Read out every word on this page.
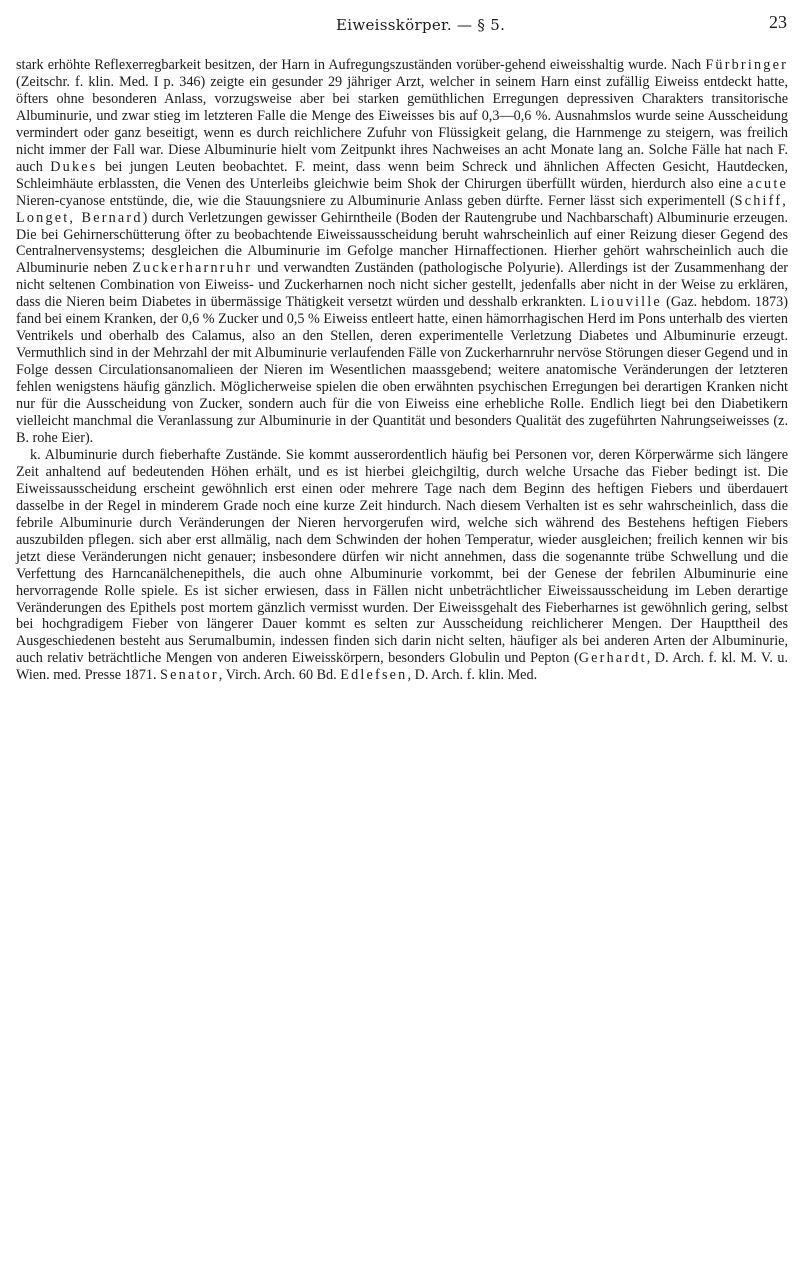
Eiweisskörper. — § 5.	23

stark erhöhte Reflexerregbarkeit besitzen, der Harn in Aufregungszuständen vorüber-gehend eiweisshaltig wurde. Nach Fürbringer (Zeitschr. f. klin. Med. I p. 346) zeigte ein gesunder 29 jähriger Arzt, welcher in seinem Harn einst zufällig Eiweiss entdeckt hatte, öfters ohne besonderen Anlass, vorzugsweise aber bei starken gemüthlichen Erregungen depressiven Charakters transitorische Albuminurie, und zwar stieg im letzteren Falle die Menge des Eiweisses bis auf 0,3—0,6 %. Ausnahmslos wurde seine Ausscheidung vermindert oder ganz beseitigt, wenn es durch reichlichere Zufuhr von Flüssigkeit gelang, die Harnmenge zu steigern, was freilich nicht immer der Fall war. Diese Albuminurie hielt vom Zeitpunkt ihres Nachweises an acht Monate lang an. Solche Fälle hat nach F. auch Dukes bei jungen Leuten beobachtet. F. meint, dass wenn beim Schreck und ähnlichen Affecten Gesicht, Hautdecken, Schleimhäute erblassten, die Venen des Unterleibs gleichwie beim Shok der Chirurgen überfüllt würden, hierdurch also eine acute Nieren-cyanose entstünde, die, wie die Stauungsniere zu Albuminurie Anlass geben dürfte. Ferner lässt sich experimentell (Schiff, Longet, Bernard) durch Verletzungen gewisser Gehirntheile (Boden der Rautengrube und Nachbarschaft) Albuminurie erzeugen. Die bei Gehirnerschütterung öfter zu beobachtende Eiweissausscheidung beruht wahrscheinlich auf einer Reizung dieser Gegend des Centralnervensystems; desgleichen die Albuminurie im Gefolge mancher Hirnaffectionen. Hierher gehört wahrscheinlich auch die Albuminurie neben Zuckerharnruhr und verwandten Zuständen (pathologische Polyurie). Allerdings ist der Zusammenhang der nicht seltenen Combination von Eiweiss- und Zuckerharnen noch nicht sicher gestellt, jedenfalls aber nicht in der Weise zu erklären, dass die Nieren beim Diabetes in übermässige Thätigkeit versetzt würden und desshalb erkrankten. Liouville (Gaz. hebdom. 1873) fand bei einem Kranken, der 0,6 % Zucker und 0,5 % Eiweiss entleert hatte, einen hämorrhagischen Herd im Pons unterhalb des vierten Ventrikels und oberhalb des Calamus, also an den Stellen, deren experimentelle Verletzung Diabetes und Albuminurie erzeugt. Vermuthlich sind in der Mehrzahl der mit Albuminurie verlaufenden Fälle von Zuckerharnruhr nervöse Störungen dieser Gegend und in Folge dessen Circulationsanomalieen der Nieren im Wesentlichen maassgebend; weitere anatomische Veränderungen der letzteren fehlen wenigstens häufig gänzlich. Möglicherweise spielen die oben erwähnten psychischen Erregungen bei derartigen Kranken nicht nur für die Ausscheidung von Zucker, sondern auch für die von Eiweiss eine erhebliche Rolle. Endlich liegt bei den Diabetikern vielleicht manchmal die Veranlassung zur Albuminurie in der Quantität und besonders Qualität des zugeführten Nahrungseiweisses (z. B. rohe Eier).

k. Albuminurie durch fieberhafte Zustände. Sie kommt ausserordentlich häufig bei Personen vor, deren Körperwärme sich längere Zeit anhaltend auf bedeutenden Höhen erhält, und es ist hierbei gleichgiltig, durch welche Ursache das Fieber bedingt ist. Die Eiweissausscheidung erscheint gewöhnlich erst einen oder mehrere Tage nach dem Beginn des heftigen Fiebers und überdauert dasselbe in der Regel in minderem Grade noch eine kurze Zeit hindurch. Nach diesem Verhalten ist es sehr wahrscheinlich, dass die febrile Albuminurie durch Veränderungen der Nieren hervorgerufen wird, welche sich während des Bestehens heftigen Fiebers auszubilden pflegen. sich aber erst allmälig, nach dem Schwinden der hohen Temperatur, wieder ausgleichen; freilich kennen wir bis jetzt diese Veränderungen nicht genauer; insbesondere dürfen wir nicht annehmen, dass die sogenannte trübe Schwellung und die Verfettung des Harncanälchenepithels, die auch ohne Albuminurie vorkommt, bei der Genese der febrilen Albuminurie eine hervorragende Rolle spiele. Es ist sicher erwiesen, dass in Fällen nicht unbeträchtlicher Eiweissausscheidung im Leben derartige Veränderungen des Epithels post mortem gänzlich vermisst wurden. Der Eiweissgehalt des Fieberharnes ist gewöhnlich gering, selbst bei hochgradigem Fieber von längerer Dauer kommt es selten zur Ausscheidung reichlicherer Mengen. Der Haupttheil des Ausgeschiedenen besteht aus Serumalbumin, indessen finden sich darin nicht selten, häufiger als bei anderen Arten der Albuminurie, auch relativ beträchtliche Mengen von anderen Eiweisskörpern, besonders Globulin und Pepton (Gerhardt, D. Arch. f. kl. M. V. u. Wien. med. Presse 1871. Senator, Virch. Arch. 60 Bd. Edlefsen, D. Arch. f. klin. Med.
